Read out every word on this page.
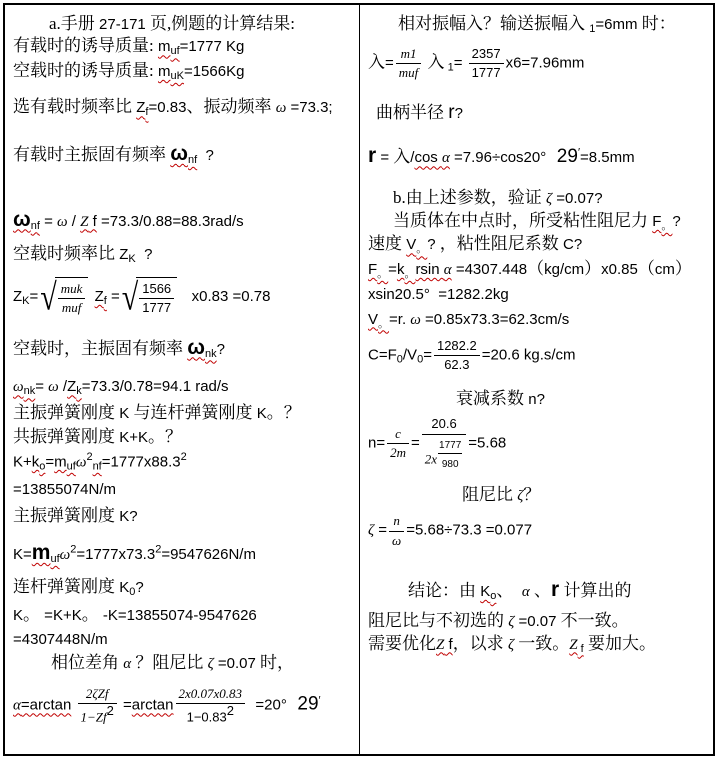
a.手册 27-171 页,例题的计算结果:
有载时的诱导质量: $m_{uf}=1777$ Kg
空载时的诱导质量: $m_{uK}=1566Kg$
选有载时频率比 $Z_f=0.83$、振动频率 ω =73.3;
有载时主振固有频率 $\omega_{nf}$  ?
$\omega_{nf} = \omega / Z$ f =73.3/0.88=88.3rad/s
空载时频率比 $Z_K$  ?
$Z_K=$ √ $\frac{\text{muk}}{\text{muf}} Z_f$ = √ $\frac{1566}{1777} x0.83 =0.78$
空载时，主振固有频率 $\omega_{nk}$?
$\omega_{nk}= \omega$ $/Z_k=73.3/0.78=94.1$ rad/s
主振弹簧刚度 K 与连杆弹簧刚度 K。？
共振弹簧刚度 K+K。？
$K+k_o=m_{uf}\omega^2_{nf}=1777x88.3^2$
=13855074N/m
主振弹簧刚度 K?
$K=m_{uf}\omega^2=1777x73.3^2=9547626N/m$
连杆弹簧刚度 $K_0$?
K。 =K+K。 -K=13855074-9547626
=4307448N/m
相位差角 α ？阻尼比 ζ =0.07 时，
$\alpha=\arctan \frac{\text{2ζZf}}{1-Zf^2} =\arctan \frac{2x0.07x0.83}{1-0.83^2} =20^\circ$  29′
相对振幅入？输送振幅入 $_1$=6mm 时：
入= $\frac{m1}{\text{muf}}$ 入 $_1= \frac{2357}{1777} x6=7.96mm$
曲柄半径 r?
r = 入/cos α =7.96÷cos20°  29′=8.5mm
b.由上述参数，验证 ζ =0.07?
当质体在中点时，所受粘性阻尼力 $F_。$?
速度 $V_。$? ，粘性阻尼系数 C?
$F_。=k_。rsin$ α =4307.448（kg/cm）x0.85（cm）
xsin20.5°  =1282.2kg
$V_。=r$. ω =0.85x73.3=62.3cm/s
$C=F_0/V_0= \frac{1282.2}{62.3} =20.6$ kg.s/cm
衰减系数 n?
$n= \frac{c}{2m} = \frac{20.6}{2x \frac{1777}{980}} =5.68$
阻尼比 ζ？
$\zeta = \frac{n}{\omega} =5.68\div 73.3 =0.077$
结论：由 $K_o$、  α 、r 计算出的
阻尼比与不初选的 ζ =0.07 不一致。
需要优化Z f，以求 ζ 一致。Z $_f$ 要加大。
